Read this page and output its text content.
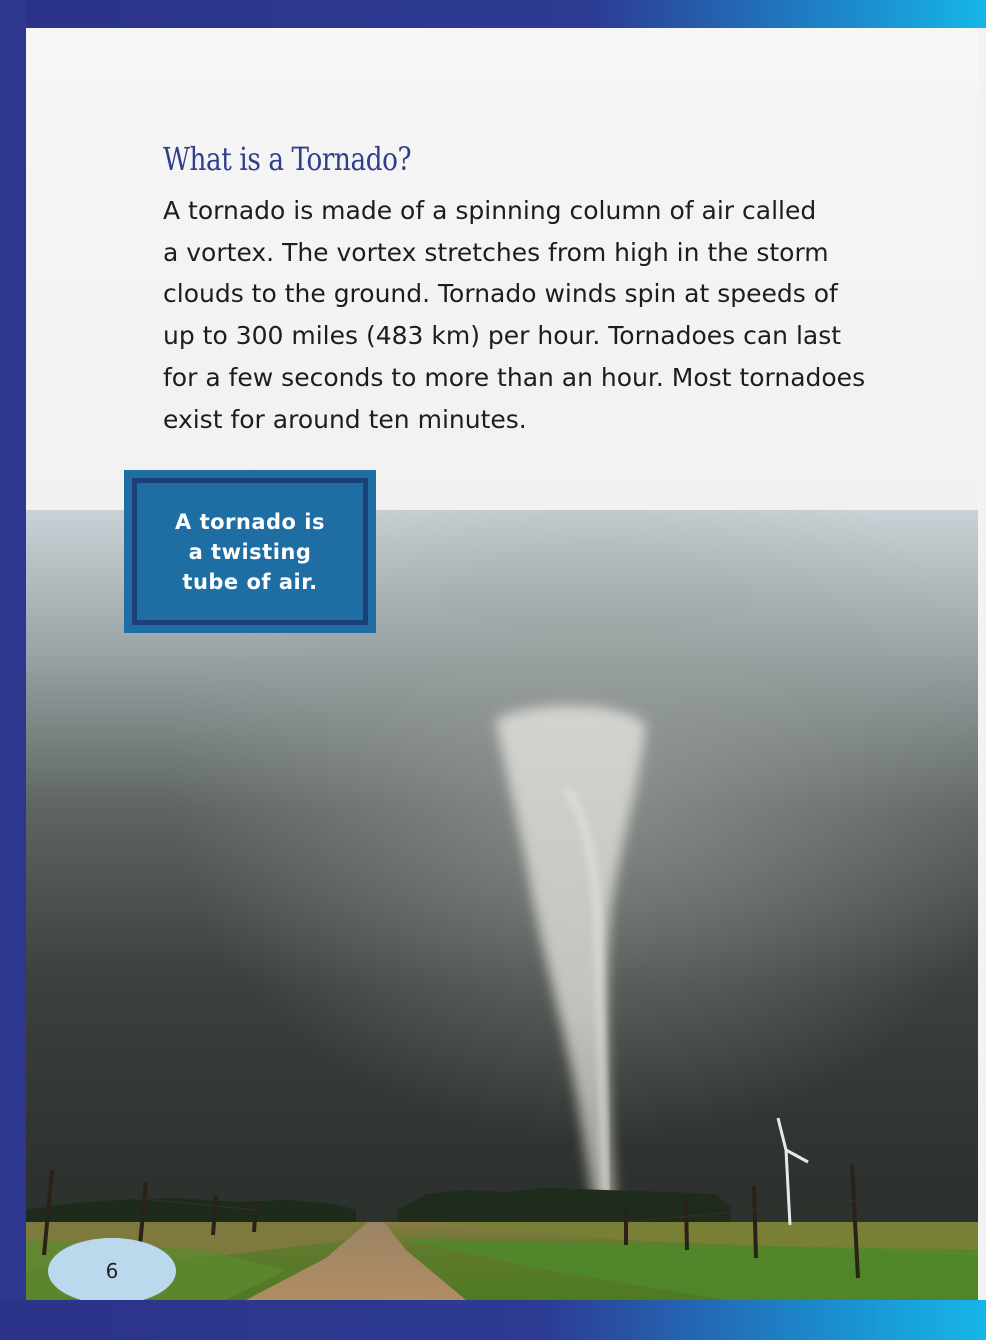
What is a Tornado?

A tornado is made of a spinning column of air called
a vortex. The vortex stretches from high in the storm
clouds to the ground. Tornado winds spin at speeds of
up to 300 miles (483 km) per hour. Tornadoes can last
for a few seconds to more than an hour. Most tornadoes
exist for around ten minutes.

A tornado is
a twisting
tube of air.
6
